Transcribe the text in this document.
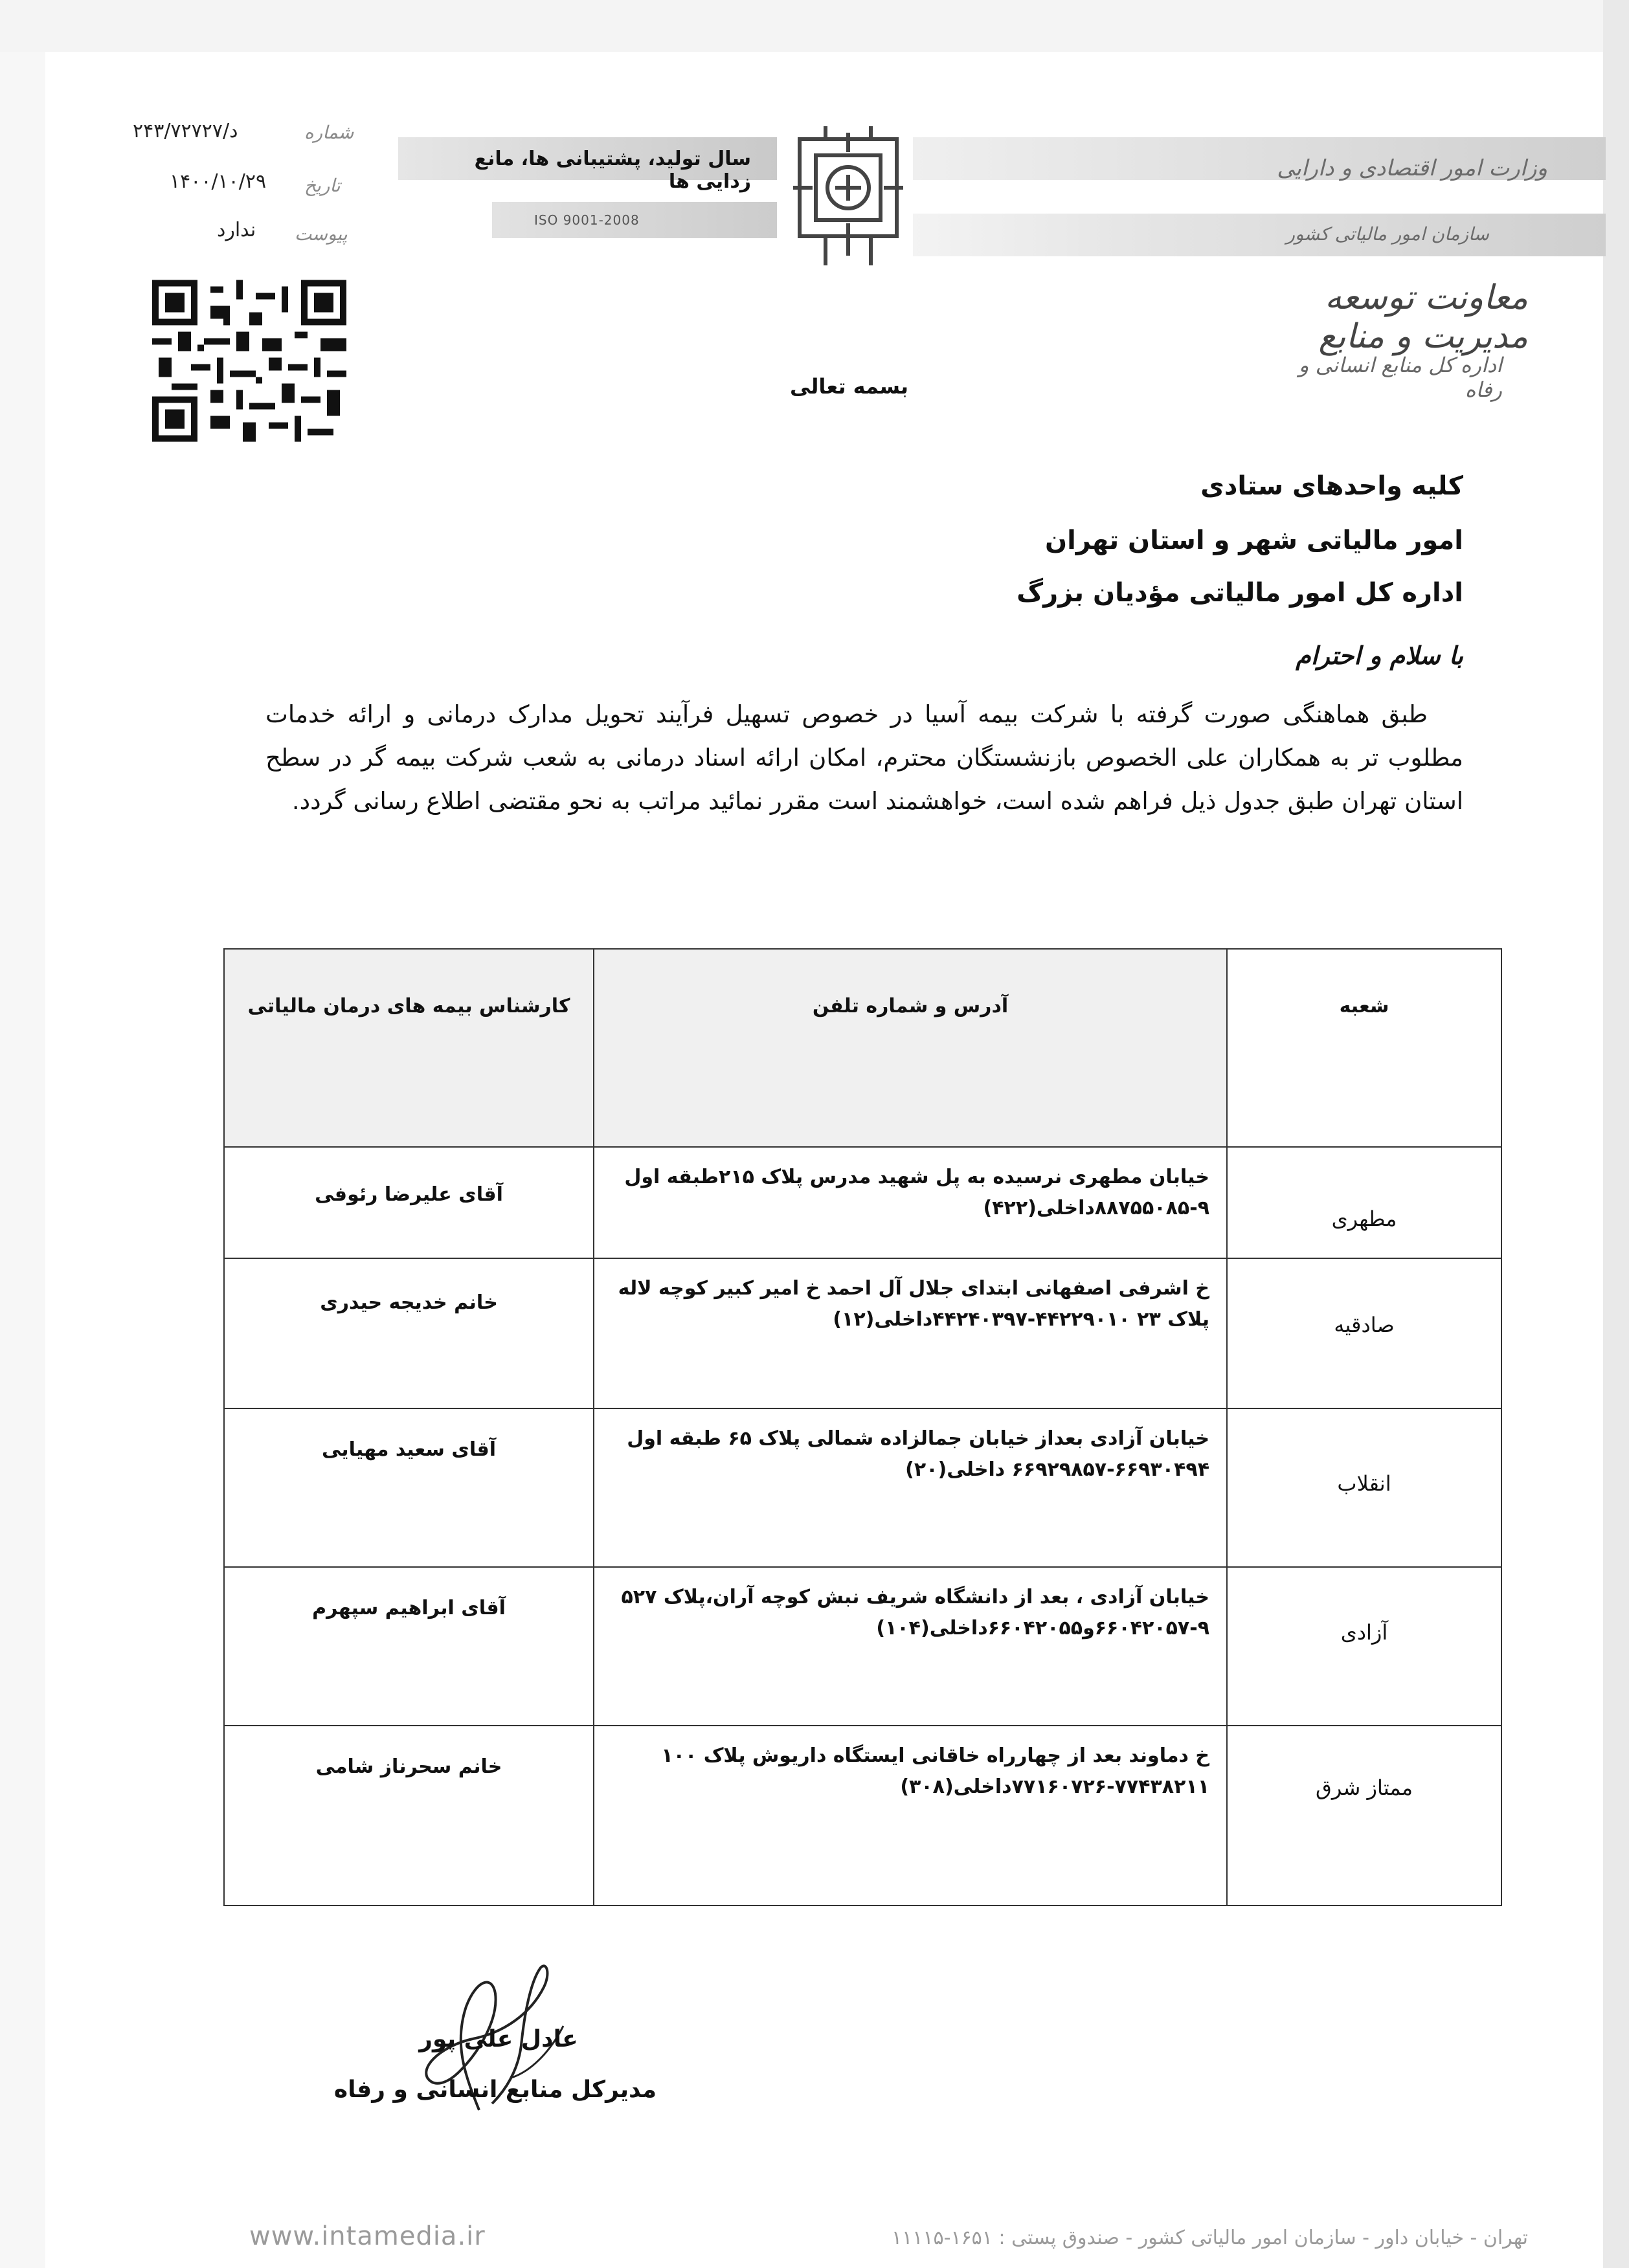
وزارت امور اقتصادی و دارایی
سازمان امور مالیاتی کشور
سال تولید، پشتیبانی ها، مانع زدایی ها
ISO 9001-2008
شماره
د/۲۴۳/۷۲۷۲۷
تاریخ
۱۴۰۰/۱۰/۲۹
پیوست
ندارد
معاونت توسعه مدیریت و منابع
اداره کل منابع انسانی و رفاه
بسمه تعالی
کلیه واحدهای ستادی
امور مالیاتی شهر و استان تهران
اداره کل امور مالیاتی مؤدیان بزرگ
با سلام و احترام
طبق هماهنگی صورت گرفته با شرکت بیمه آسیا در خصوص تسهیل فرآیند تحویل مدارک درمانی و ارائه خدمات مطلوب تر به همکاران علی الخصوص بازنشستگان محترم، امکان ارائه اسناد درمانی به شعب شرکت بیمه گر در سطح استان تهران طبق جدول ذیل فراهم شده است، خواهشمند است مقرر نمائید مراتب به نحو مقتضی اطلاع رسانی گردد.
شعبه	آدرس و شماره تلفن	کارشناس بیمه های درمان مالیاتی

مطهری	خیابان مطهری نرسیده به پل شهید مدرس پلاک ۲۱۵طبقه اول ۹-۸۸۷۵۵۰۸۵داخلی(۴۲۲)	آقای علیرضا رئوفی

صادقیه	خ اشرفی اصفهانی ابتدای جلال آل احمد خ امیر کبیر کوچه لاله پلاک ۲۳ ۴۴۲۲۹۰۱۰-۴۴۲۴۰۳۹۷داخلی(۱۲)	خانم خدیجه حیدری

انقلاب	خیابان آزادی بعداز خیابان جمالزاده شمالی پلاک ۶۵ طبقه اول ۶۶۹۳۰۴۹۴-۶۶۹۲۹۸۵۷ داخلی(۲۰)	آقای سعید مهیایی

آزادی	خیابان آزادی ، بعد از دانشگاه شریف نبش کوچه آران،پلاک ۵۲۷ ۹-۶۶۰۴۲۰۵۷و۶۶۰۴۲۰۵۵داخلی(۱۰۴)	آقای ابراهیم سپهرم

ممتاز شرق	خ دماوند بعد از چهارراه خاقانی ایستگاه داریوش پلاک ۱۰۰ ۷۷۴۳۸۲۱۱-۷۷۱۶۰۷۲۶داخلی(۳۰۸)	خانم سحرناز شامی
عادل علی پور
مدیرکل منابع انسانی و رفاه
www.intamedia.ir	تهران - خیابان داور - سازمان امور مالیاتی کشور - صندوق پستی : ۱۶۵۱-۱۱۱۱۵
